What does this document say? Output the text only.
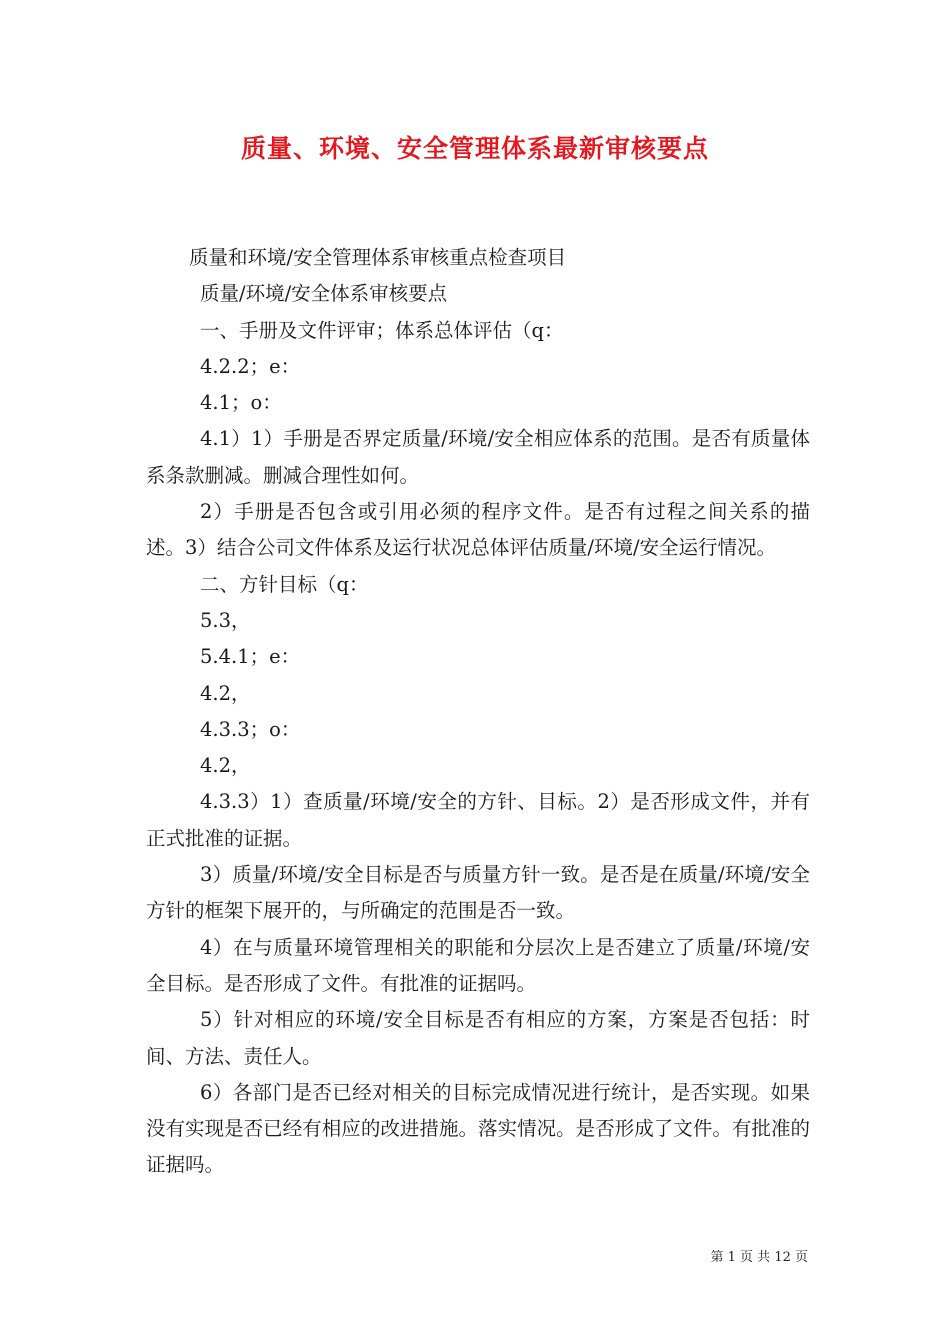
质量、环境、安全管理体系最新审核要点

质量和环境/安全管理体系审核重点检查项目

质量/环境/安全体系审核要点

一、手册及文件评审；体系总体评估（q：

4.2.2；e：

4.1；o：

4.1）1）手册是否界定质量/环境/安全相应体系的范围。是否有质量体系条款删减。删减合理性如何。

2）手册是否包含或引用必须的程序文件。是否有过程之间关系的描述。3）结合公司文件体系及运行状况总体评估质量/环境/安全运行情况。

二、方针目标（q：

5.3，

5.4.1；e：

4.2，

4.3.3；o：

4.2，

4.3.3）1）查质量/环境/安全的方针、目标。2）是否形成文件，并有正式批准的证据。

3）质量/环境/安全目标是否与质量方针一致。是否是在质量/环境/安全方针的框架下展开的，与所确定的范围是否一致。

4）在与质量环境管理相关的职能和分层次上是否建立了质量/环境/安全目标。是否形成了文件。有批准的证据吗。

5）针对相应的环境/安全目标是否有相应的方案，方案是否包括：时间、方法、责任人。

6）各部门是否已经对相关的目标完成情况进行统计，是否实现。如果没有实现是否已经有相应的改进措施。落实情况。是否形成了文件。有批准的证据吗。

第 1 页 共 12 页
